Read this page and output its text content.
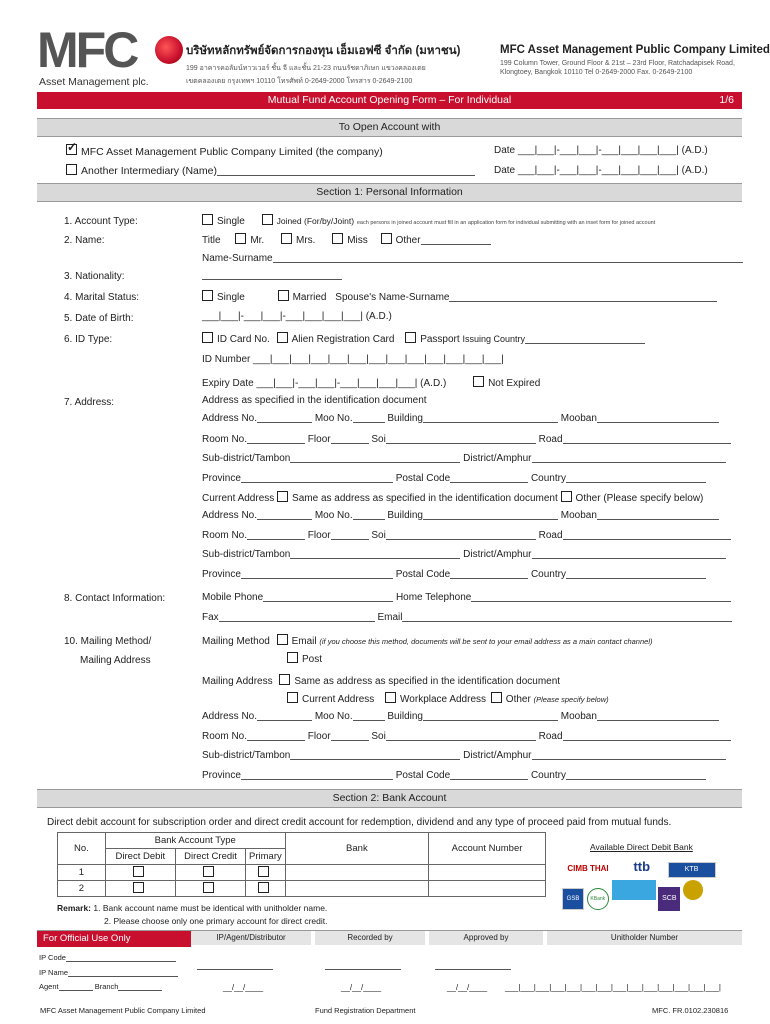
MFC
Asset Management plc.
บริษัทหลักทรัพย์จัดการกองทุน เอ็มเอฟซี จำกัด (มหาชน)
199 อาคารคอลัมน์ทาวเวอร์ ชั้น จี และชั้น 21-23 ถนนรัชดาภิเษก แขวงคลองเตย
เขตคลองเตย กรุงเทพฯ 10110 โทรศัพท์ 0-2649-2000 โทรสาร 0-2649-2100
MFC Asset Management Public Company Limited
199 Column Tower, Ground Floor & 21st – 23rd Floor, Ratchadapisek Road,
Klongtoey, Bangkok 10110 Tel 0-2649-2000 Fax. 0-2649-2100
Mutual Fund Account Opening Form – For Individual	1/6
To Open Account with
✓MFC Asset Management Public Company Limited (the company)
Another Intermediary (Name)
Date ___|___|-___|___|-___|___|___|___| (A.D.)
Date ___|___|-___|___|-___|___|___|___| (A.D.)
Section 1: Personal Information
1. Account Type:	Single	Joined (For/by/Joint) each persons in joined account must fill in an application form for individual submitting with an inset form for joined account
2. Name:	Title	Mr.	Mrs.	Miss	Other
Name-Surname
3. Nationality:
4. Marital Status:	Single	Married Spouse's Name-Surname
5. Date of Birth:	___|___|-___|___|-___|___|___|___| (A.D.)
6. ID Type:	ID Card No. Alien Registration Card	Passport Issuing Country
ID Number ___|___|___|___|___|___|___|___|___|___|___|___|___|
Expiry Date ___|___|-___|___|-___|___|___|___| (A.D.)	Not Expired
7. Address:	Address as specified in the identification document
Address No.	Moo No.	Building	Mooban
Room No.	Floor	Soi	Road
Sub-district/Tambon	District/Amphur
Province	Postal Code	Country
Current Address Same as address as specified in the identification document Other (Please specify below)
Address No.	Moo No.	Building	Mooban
Room No.	Floor	Soi	Road
Sub-district/Tambon	District/Amphur
Province	Postal Code	Country
8. Contact Information:	Mobile Phone	Home Telephone
Fax	Email
10. Mailing Method/
Mailing Address
Mailing Method Email (if you choose this method, documents will be sent to your email address as a main contact channel)
Post
Mailing Address Same as address as specified in the identification document
Current Address	Workplace Address Other (Please specify below)
Address No.	Moo No.	Building	Mooban
Room No.	Floor	Soi	Road
Sub-district/Tambon	District/Amphur
Province	Postal Code	Country
Section 2: Bank Account
Direct debit account for subscription order and direct credit account for redemption, dividend and any type of proceed paid from mutual funds.
No.	Bank Account Type			Bank	Account Number
	Direct Debit	Direct Credit	Primary		
1					
2					
Available Direct Debit Bank
CIMB THAI ttb	KTB
GSB KBank	SCB
Remark: 1. Bank account name must be identical with unitholder name.
2. Please choose only one primary account for direct credit.
For Official Use Only	IP/Agent/Distributor	Recorded by	Approved by	Unitholder Number
IP Code
IP Name
Agent	Branch	__/__/____	__/__/____	__/__/____ ___|___|___|___|___|___|___|___|___|___|___|___|___|___|
MFC Asset Management Public Company Limited	Fund Registration Department	MFC. FR.0102.230816
